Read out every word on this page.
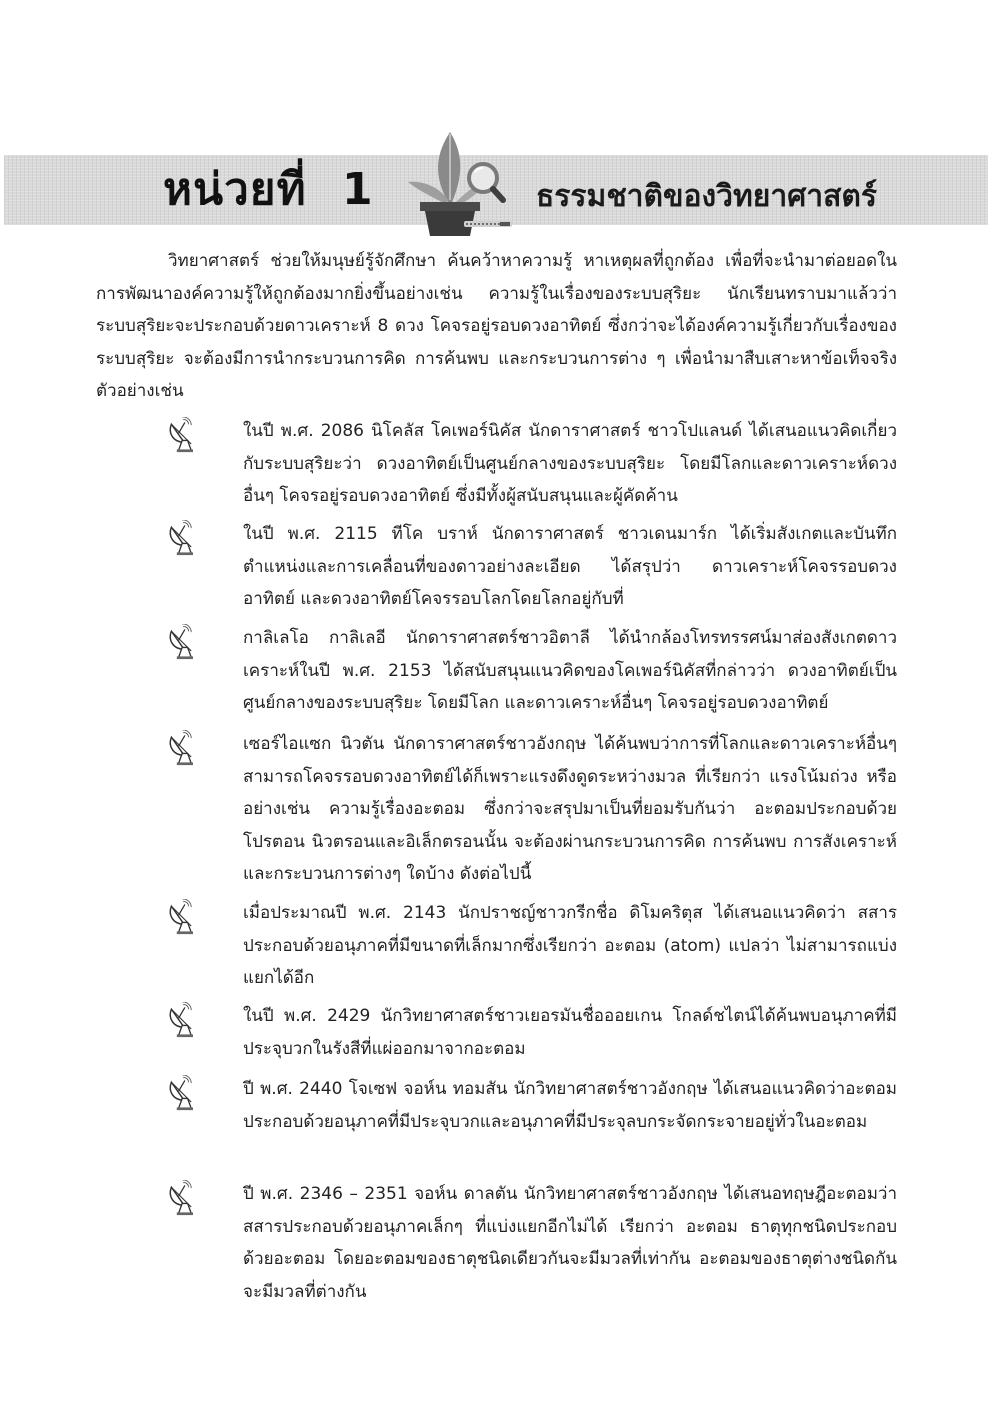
หน่วยที่ 1	ธรรมชาติของวิทยาศาสตร์
วิทยาศาสตร์ ช่วยให้มนุษย์รู้จักศึกษา ค้นคว้าหาความรู้ หาเหตุผลที่ถูกต้อง เพื่อที่จะนำมาต่อยอดในการพัฒนาองค์ความรู้ให้ถูกต้องมากยิ่งขึ้นอย่างเช่น ความรู้ในเรื่องของระบบสุริยะ นักเรียนทราบมาแล้วว่า ระบบสุริยะจะประกอบด้วยดาวเคราะห์ 8 ดวง โคจรอยู่รอบดวงอาทิตย์ ซึ่งกว่าจะได้องค์ความรู้เกี่ยวกับเรื่องของระบบสุริยะ จะต้องมีการนำกระบวนการคิด การค้นพบ และกระบวนการต่าง ๆ เพื่อนำมาสืบเสาะหาข้อเท็จจริง ตัวอย่างเช่น
ในปี พ.ศ. 2086 นิโคลัส โคเพอร์นิคัส นักดาราศาสตร์ ชาวโปแลนด์ ได้เสนอแนวคิดเกี่ยวกับระบบสุริยะว่า ดวงอาทิตย์เป็นศูนย์กลางของระบบสุริยะ โดยมีโลกและดาวเคราะห์ดวงอื่นๆ โคจรอยู่รอบดวงอาทิตย์ ซึ่งมีทั้งผู้สนับสนุนและผู้คัดค้าน
ในปี พ.ศ. 2115 ทีโค บราห์ นักดาราศาสตร์ ชาวเดนมาร์ก ได้เริ่มสังเกตและบันทึกตำแหน่งและการเคลื่อนที่ของดาวอย่างละเอียด ได้สรุปว่า ดาวเคราะห์โคจรรอบดวงอาทิตย์ และดวงอาทิตย์โคจรรอบโลกโดยโลกอยู่กับที่
กาลิเลโอ กาลิเลอี นักดาราศาสตร์ชาวอิตาลี ได้นำกล้องโทรทรรศน์มาส่องสังเกตดาวเคราะห์ในปี พ.ศ. 2153 ได้สนับสนุนแนวคิดของโคเพอร์นิคัสที่กล่าวว่า ดวงอาทิตย์เป็นศูนย์กลางของระบบสุริยะ โดยมีโลก และดาวเคราะห์อื่นๆ โคจรอยู่รอบดวงอาทิตย์
เซอร์ไอแซก นิวตัน นักดาราศาสตร์ชาวอังกฤษ ได้ค้นพบว่าการที่โลกและดาวเคราะห์อื่นๆ สามารถโคจรรอบดวงอาทิตย์ได้ก็เพราะแรงดึงดูดระหว่างมวล ที่เรียกว่า แรงโน้มถ่วง หรืออย่างเช่น ความรู้เรื่องอะตอม ซึ่งกว่าจะสรุปมาเป็นที่ยอมรับกันว่า อะตอมประกอบด้วยโปรตอน นิวตรอนและอิเล็กตรอนนั้น จะต้องผ่านกระบวนการคิด การค้นพบ การสังเคราะห์ และกระบวนการต่างๆ ใดบ้าง ดังต่อไปนี้
เมื่อประมาณปี พ.ศ. 2143 นักปราชญ์ชาวกรีกชื่อ ดิโมคริตุส ได้เสนอแนวคิดว่า สสารประกอบด้วยอนุภาคที่มีขนาดที่เล็กมากซึ่งเรียกว่า อะตอม (atom) แปลว่า ไม่สามารถแบ่งแยกได้อีก
ในปี พ.ศ. 2429 นักวิทยาศาสตร์ชาวเยอรมันชื่อออยเกน โกลด์ชไตน์ได้ค้นพบอนุภาคที่มีประจุบวกในรังสีที่แผ่ออกมาจากอะตอม
ปี พ.ศ. 2440 โจเซฟ จอห์น ทอมสัน นักวิทยาศาสตร์ชาวอังกฤษ ได้เสนอแนวคิดว่าอะตอมประกอบด้วยอนุภาคที่มีประจุบวกและอนุภาคที่มีประจุลบกระจัดกระจายอยู่ทั่วในอะตอม
ปี พ.ศ. 2346 – 2351 จอห์น ดาลตัน นักวิทยาศาสตร์ชาวอังกฤษ ได้เสนอทฤษฎีอะตอมว่า สสารประกอบด้วยอนุภาคเล็กๆ ที่แบ่งแยกอีกไม่ได้ เรียกว่า อะตอม ธาตุทุกชนิดประกอบด้วยอะตอม โดยอะตอมของธาตุชนิดเดียวกันจะมีมวลที่เท่ากัน อะตอมของธาตุต่างชนิดกันจะมีมวลที่ต่างกัน
